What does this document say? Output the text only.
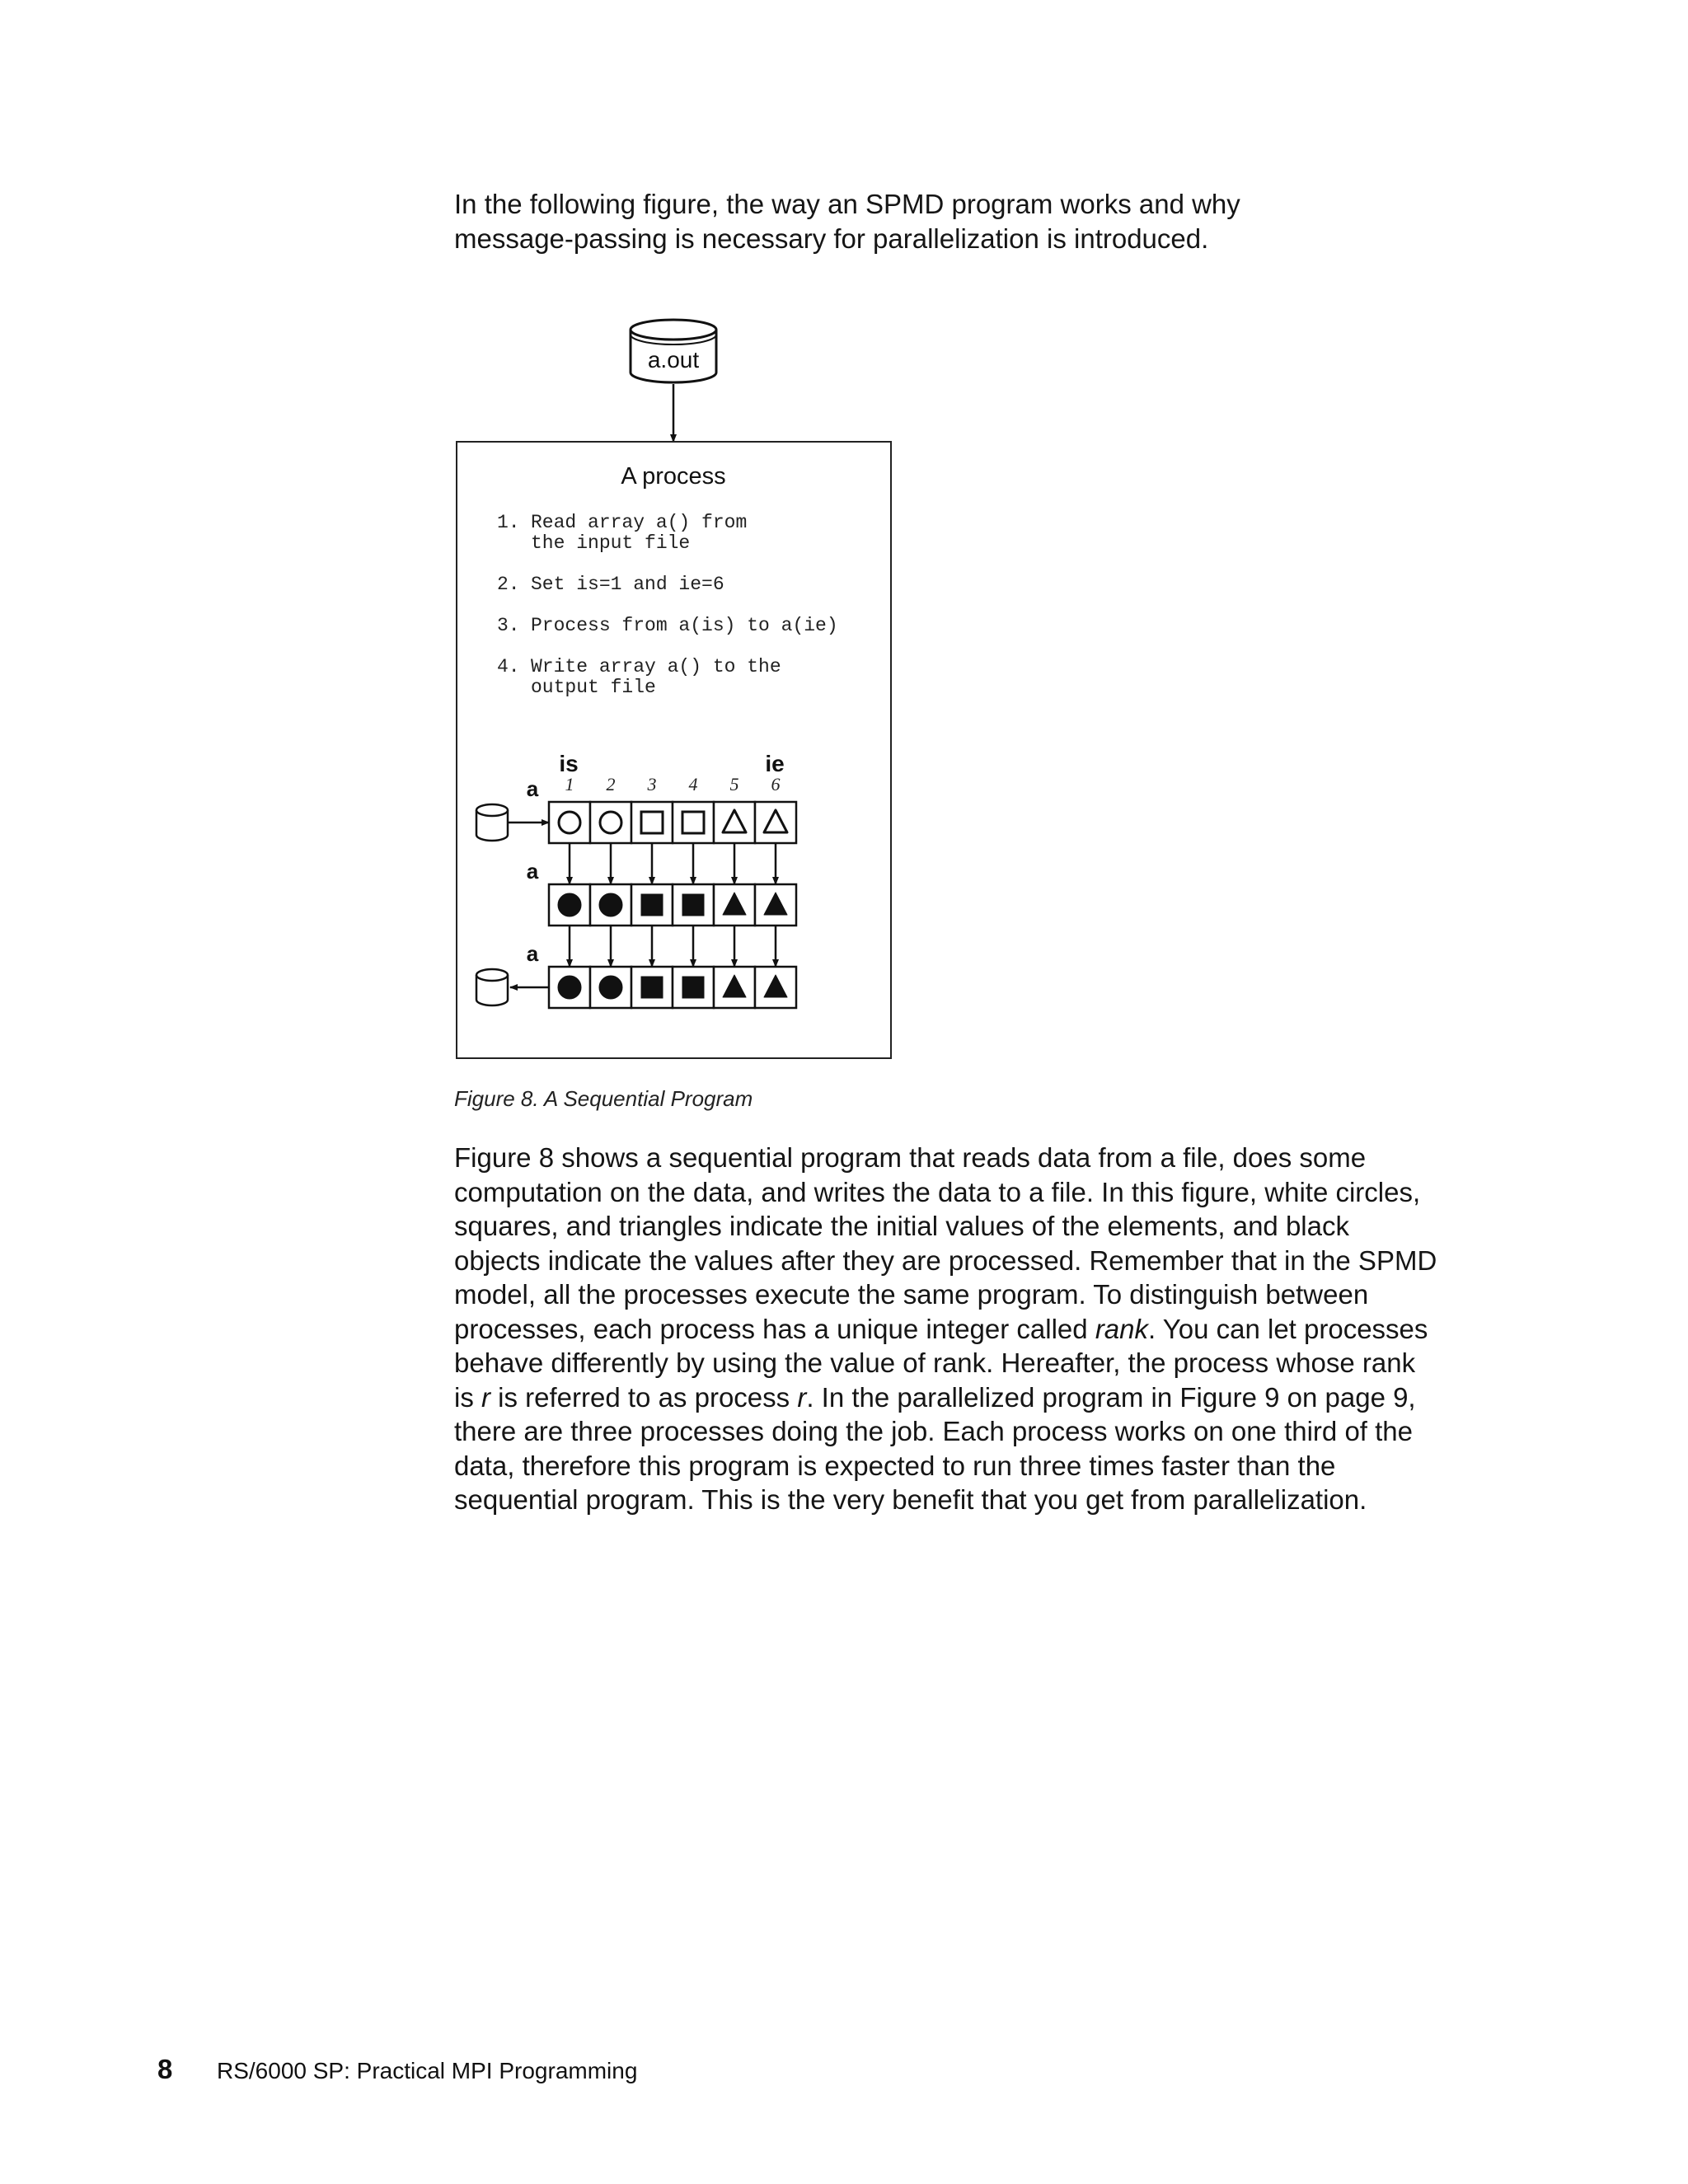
In the following figure, the way an SPMD program works and why
message-passing is necessary for parallelization is introduced.

a.out
A process
1. Read array a() from
the input file
2. Set is=1 and ie=6
3. Process from a(is) to a(ie)
4. Write array a() to the
output file
is	ie
1 2 3 4 5 6
a
a
a

Figure 8. A Sequential Program

Figure 8 shows a sequential program that reads data from a file, does some
computation on the data, and writes the data to a file. In this figure, white circles,
squares, and triangles indicate the initial values of the elements, and black
objects indicate the values after they are processed. Remember that in the SPMD
model, all the processes execute the same program. To distinguish between
processes, each process has a unique integer called rank. You can let processes
behave differently by using the value of rank. Hereafter, the process whose rank
is r is referred to as process r. In the parallelized program in Figure 9 on page 9,
there are three processes doing the job. Each process works on one third of the
data, therefore this program is expected to run three times faster than the
sequential program. This is the very benefit that you get from parallelization.

8 RS/6000 SP: Practical MPI Programming
